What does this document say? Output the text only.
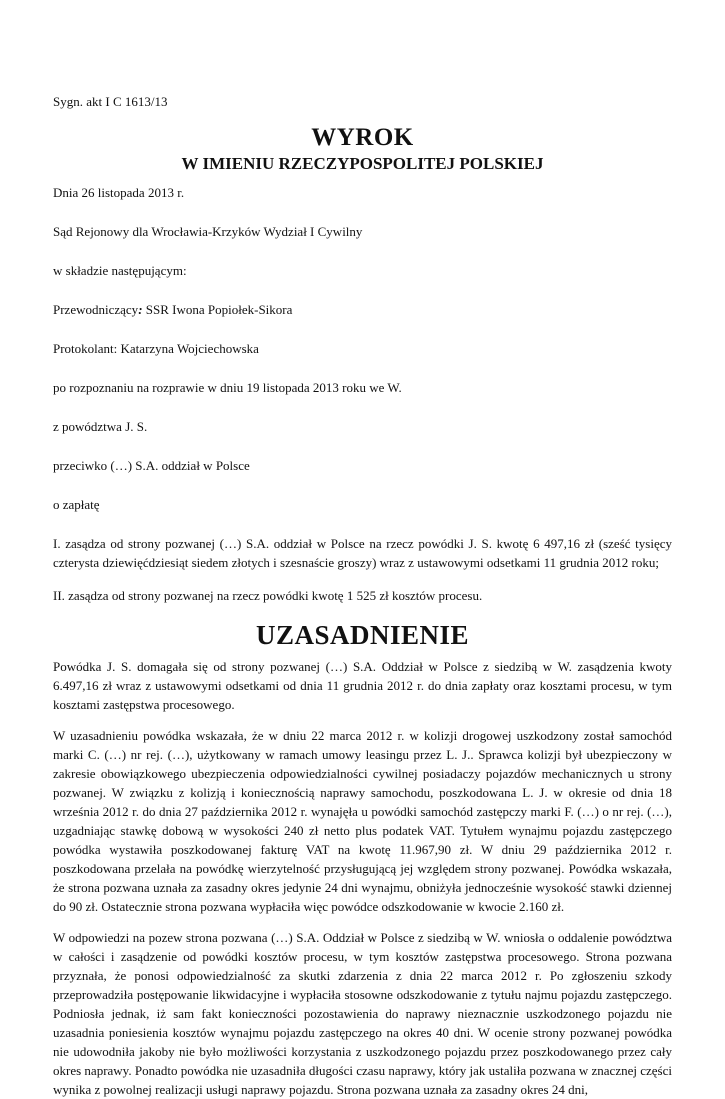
Sygn. akt I C 1613/13

WYROK
W IMIENIU RZECZYPOSPOLITEJ POLSKIEJ

Dnia 26 listopada 2013 r.

Sąd Rejonowy dla Wrocławia-Krzyków Wydział I Cywilny

w składzie następującym:

Przewodniczący: SSR Iwona Popiołek-Sikora

Protokolant: Katarzyna Wojciechowska

po rozpoznaniu na rozprawie w dniu 19 listopada 2013 roku we W.

z powództwa J. S.

przeciwko (…) S.A. oddział w Polsce

o zapłatę

I. zasądza od strony pozwanej (…) S.A. oddział w Polsce na rzecz powódki J. S. kwotę 6 497,16 zł (sześć tysięcy czterysta dziewięćdziesiąt siedem złotych i szesnaście groszy) wraz z ustawowymi odsetkami 11 grudnia 2012 roku;

II. zasądza od strony pozwanej na rzecz powódki kwotę 1 525 zł kosztów procesu.

UZASADNIENIE

Powódka J. S. domagała się od strony pozwanej (…) S.A. Oddział w Polsce z siedzibą w W. zasądzenia kwoty 6.497,16 zł wraz z ustawowymi odsetkami od dnia 11 grudnia 2012 r. do dnia zapłaty oraz kosztami procesu, w tym kosztami zastępstwa procesowego.

W uzasadnieniu powódka wskazała, że w dniu 22 marca 2012 r. w kolizji drogowej uszkodzony został samochód marki C. (…) nr rej. (…), użytkowany w ramach umowy leasingu przez L. J.. Sprawca kolizji był ubezpieczony w zakresie obowiązkowego ubezpieczenia odpowiedzialności cywilnej posiadaczy pojazdów mechanicznych u strony pozwanej. W związku z kolizją i koniecznością naprawy samochodu, poszkodowana L. J. w okresie od dnia 18 września 2012 r. do dnia 27 października 2012 r. wynajęła u powódki samochód zastępczy marki F. (…) o nr rej. (…), uzgadniając stawkę dobową w wysokości 240 zł netto plus podatek VAT. Tytułem wynajmu pojazdu zastępczego powódka wystawiła poszkodowanej fakturę VAT na kwotę 11.967,90 zł. W dniu 29 października 2012 r. poszkodowana przelała na powódkę wierzytelność przysługującą jej względem strony pozwanej. Powódka wskazała, że strona pozwana uznała za zasadny okres jedynie 24 dni wynajmu, obniżyła jednocześnie wysokość stawki dziennej do 90 zł. Ostatecznie strona pozwana wypłaciła więc powódce odszkodowanie w kwocie 2.160 zł.

W odpowiedzi na pozew strona pozwana (…) S.A. Oddział w Polsce z siedzibą w W. wniosła o oddalenie powództwa w całości i zasądzenie od powódki kosztów procesu, w tym kosztów zastępstwa procesowego. Strona pozwana przyznała, że ponosi odpowiedzialność za skutki zdarzenia z dnia 22 marca 2012 r. Po zgłoszeniu szkody przeprowadziła postępowanie likwidacyjne i wypłaciła stosowne odszkodowanie z tytułu najmu pojazdu zastępczego. Podniosła jednak, iż sam fakt konieczności pozostawienia do naprawy nieznacznie uszkodzonego pojazdu nie uzasadnia poniesienia kosztów wynajmu pojazdu zastępczego na okres 40 dni. W ocenie strony pozwanej powódka nie udowodniła jakoby nie było możliwości korzystania z uszkodzonego pojazdu przez poszkodowanego przez cały okres naprawy. Ponadto powódka nie uzasadniła długości czasu naprawy, który jak ustaliła pozwana w znacznej części wynika z powolnej realizacji usługi naprawy pojazdu. Strona pozwana uznała za zasadny okres 24 dni,
